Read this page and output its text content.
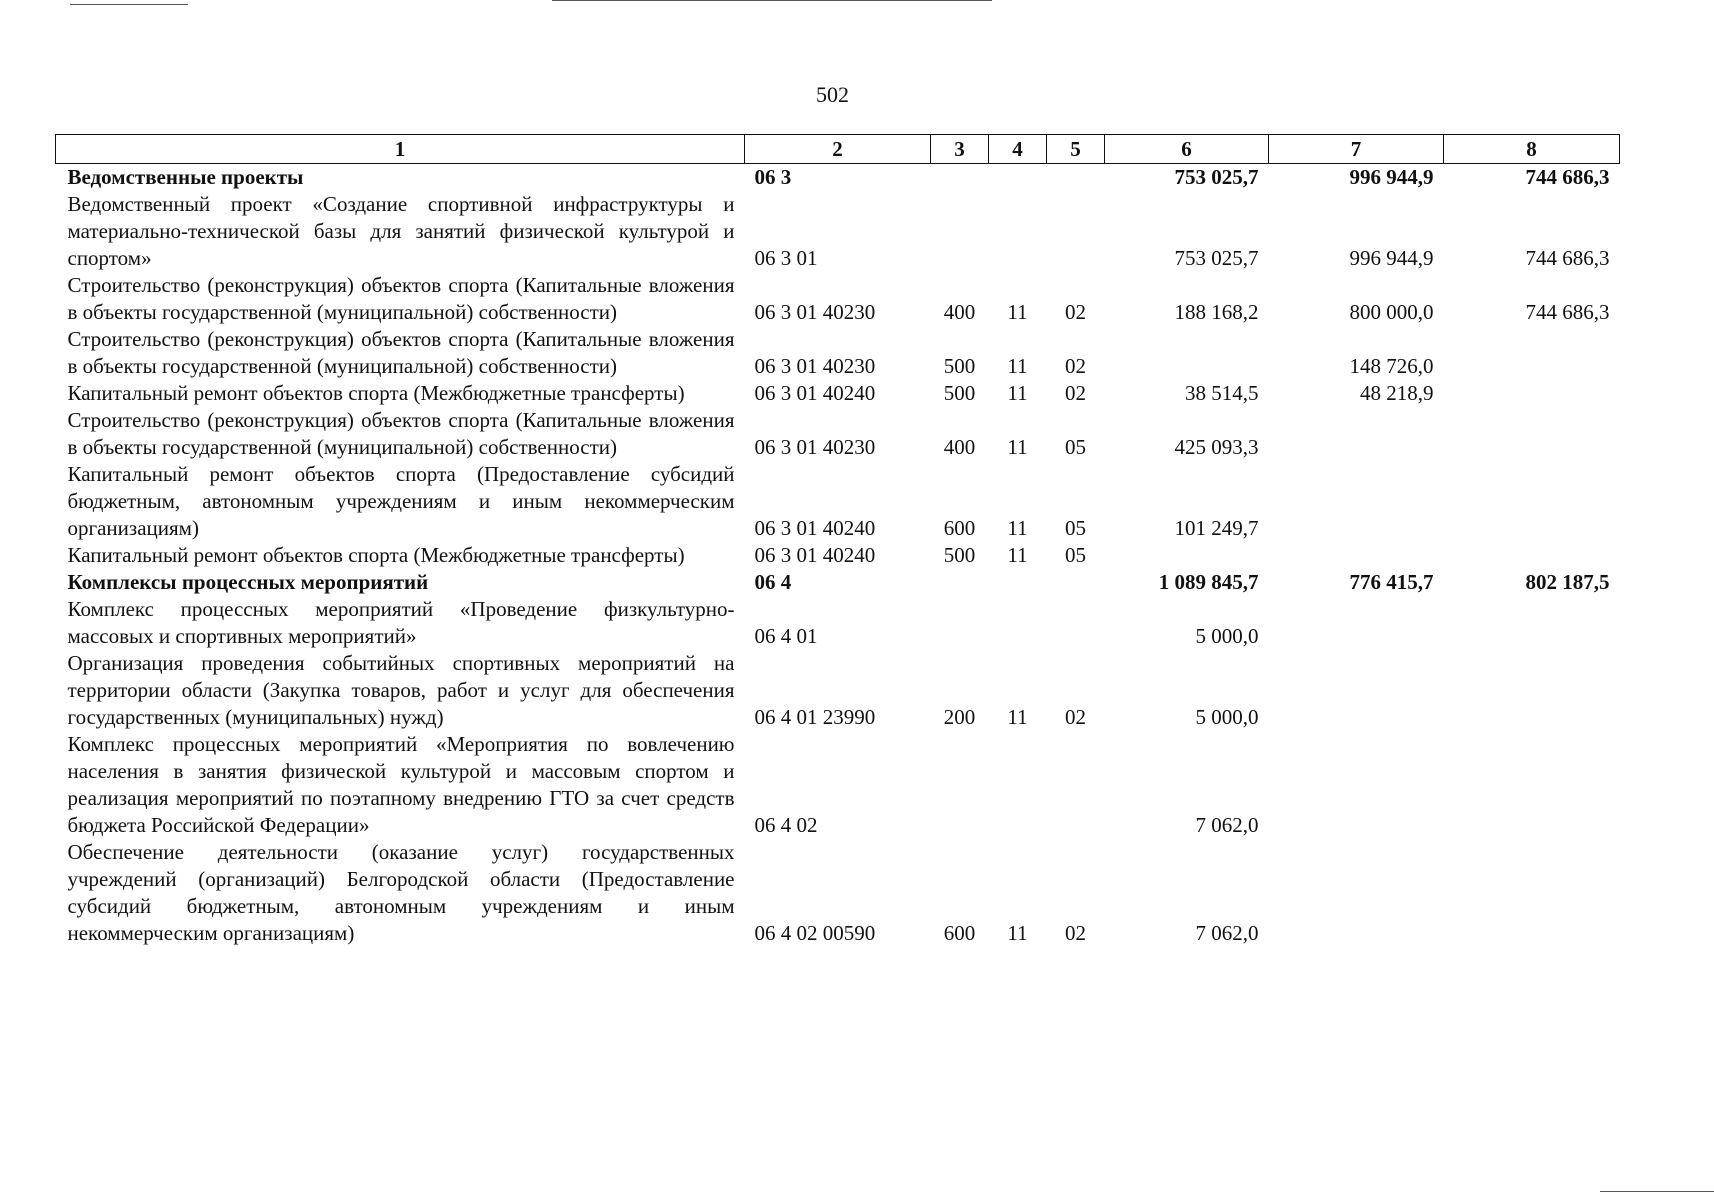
502
1	2	3	4	5	6	7	8
Ведомственные проекты	06 3				753 025,7	996 944,9	744 686,3
Ведомственный проект «Создание спортивной инфраструктуры и материально-технической базы для занятий физической культурой и спортом»	06 3 01				753 025,7	996 944,9	744 686,3
Строительство (реконструкция) объектов спорта (Капитальные вложения в объекты государственной (муниципальной) собственности)	06 3 01 40230	400	11	02	188 168,2	800 000,0	744 686,3
Строительство (реконструкция) объектов спорта (Капитальные вложения в объекты государственной (муниципальной) собственности)	06 3 01 40230	500	11	02		148 726,0	
Капитальный ремонт объектов спорта (Межбюджетные трансферты)	06 3 01 40240	500	11	02	38 514,5	48 218,9	
Строительство (реконструкция) объектов спорта (Капитальные вложения в объекты государственной (муниципальной) собственности)	06 3 01 40230	400	11	05	425 093,3		
Капитальный ремонт объектов спорта (Предоставление субсидий бюджетным, автономным учреждениям и иным некоммерческим организациям)	06 3 01 40240	600	11	05	101 249,7		
Капитальный ремонт объектов спорта (Межбюджетные трансферты)	06 3 01 40240	500	11	05			
Комплексы процессных мероприятий	06 4				1 089 845,7	776 415,7	802 187,5
Комплекс процессных мероприятий «Проведение физкультурно-массовых и спортивных мероприятий»	06 4 01				5 000,0		
Организация проведения событийных спортивных мероприятий на территории области (Закупка товаров, работ и услуг для обеспечения государственных (муниципальных) нужд)	06 4 01 23990	200	11	02	5 000,0		
Комплекс процессных мероприятий «Мероприятия по вовлечению населения в занятия физической культурой и массовым спортом и реализация мероприятий по поэтапному внедрению ГТО за счет средств бюджета Российской Федерации»	06 4 02				7 062,0		
Обеспечение деятельности (оказание услуг) государственных учреждений (организаций) Белгородской области (Предоставление субсидий бюджетным, автономным учреждениям и иным некоммерческим организациям)	06 4 02 00590	600	11	02	7 062,0		
